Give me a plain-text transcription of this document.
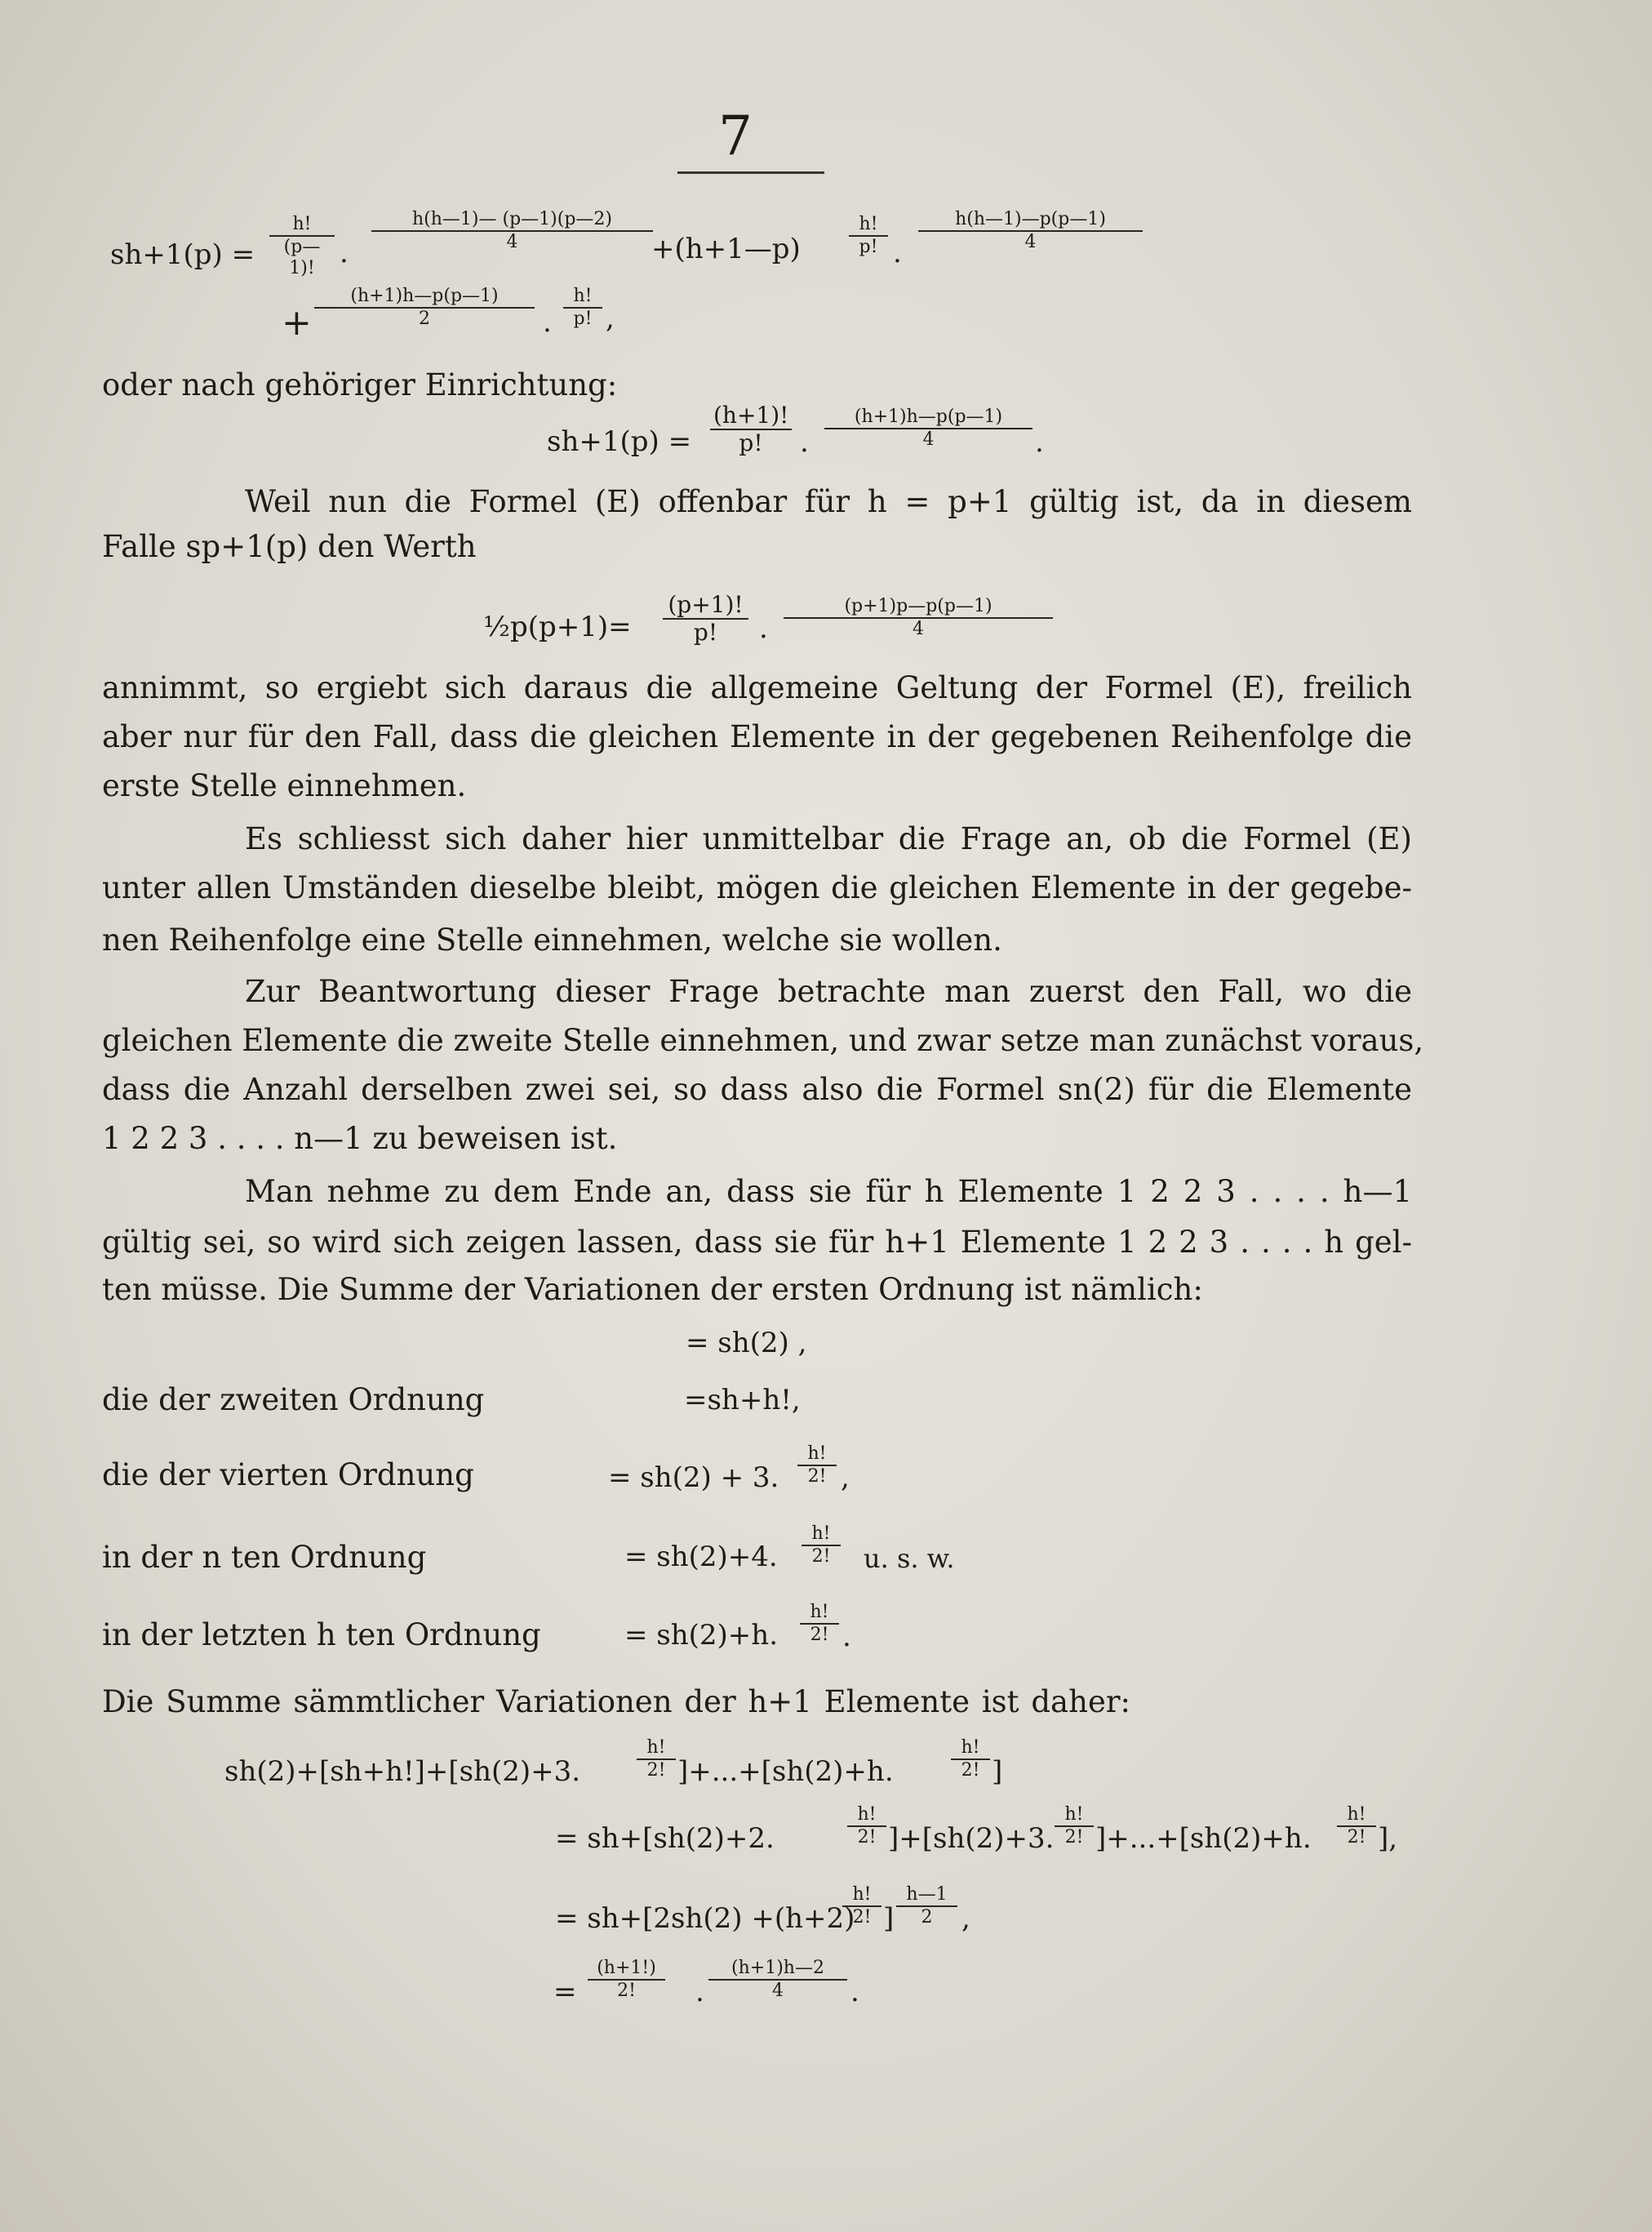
7
sh+1(p) =
h!
(p—1)! .
h(h—1)— (p—1)(p—2)
4	+(h+1—p)
h!
p! .
h(h—1)—p(p—1)
4
+
(h+1)h—p(p—1)
2	.
h!
p! ,
oder nach gehöriger Einrichtung:
sh+1(p) =
(h+1)!
p!	.
(h+1)h—p(p—1)
4	.
Weil nun die Formel (E) offenbar für h = p+1 gültig ist, da in diesem
Falle sp+1(p) den Werth
½p(p+1)=
(p+1)!
p!	.
(p+1)p—p(p—1)
4
annimmt, so ergiebt sich daraus die allgemeine Geltung der Formel (E), freilich
aber nur für den Fall, dass die gleichen Elemente in der gegebenen Reihenfolge die
erste Stelle einnehmen.
Es schliesst sich daher hier unmittelbar die Frage an, ob die Formel (E)
unter allen Umständen dieselbe bleibt, mögen die gleichen Elemente in der gegebe-
nen Reihenfolge eine Stelle einnehmen, welche sie wollen.
Zur Beantwortung dieser Frage betrachte man zuerst den Fall, wo die
gleichen Elemente die zweite Stelle einnehmen, und zwar setze man zunächst voraus,
dass die Anzahl derselben zwei sei, so dass also die Formel sn(2) für die Elemente
1 2 2 3 . . . . n—1 zu beweisen ist.
Man nehme zu dem Ende an, dass sie für h Elemente 1 2 2 3 . . . . h—1
gültig sei, so wird sich zeigen lassen, dass sie für h+1 Elemente 1 2 2 3 . . . . h gel-
ten müsse. Die Summe der Variationen der ersten Ordnung ist nämlich:
= sh(2) ,
die der zweiten Ordnung	=sh+h!,
die der vierten Ordnung	= sh(2) + 3.
h!
2! ,
in der n ten Ordnung	= sh(2)+4.
h!
2!	u. s. w.
in der letzten h ten Ordnung	= sh(2)+h.
h!
2! .
Die Summe sämmtlicher Variationen der h+1 Elemente ist daher:
sh(2)+[sh+h!]+[sh(2)+3.
h!
2! ]+...+[sh(2)+h.
h!
2! ]
= sh+[sh(2)+2.
h!
2! ]+[sh(2)+3.
h!
2! ]+...+[sh(2)+h.
h!
2! ],
= sh+[2sh(2) +(h+2)
h!
2! ]
h—1
2	,
=
(h+1!)
2!	.
(h+1)h—2
4	.
